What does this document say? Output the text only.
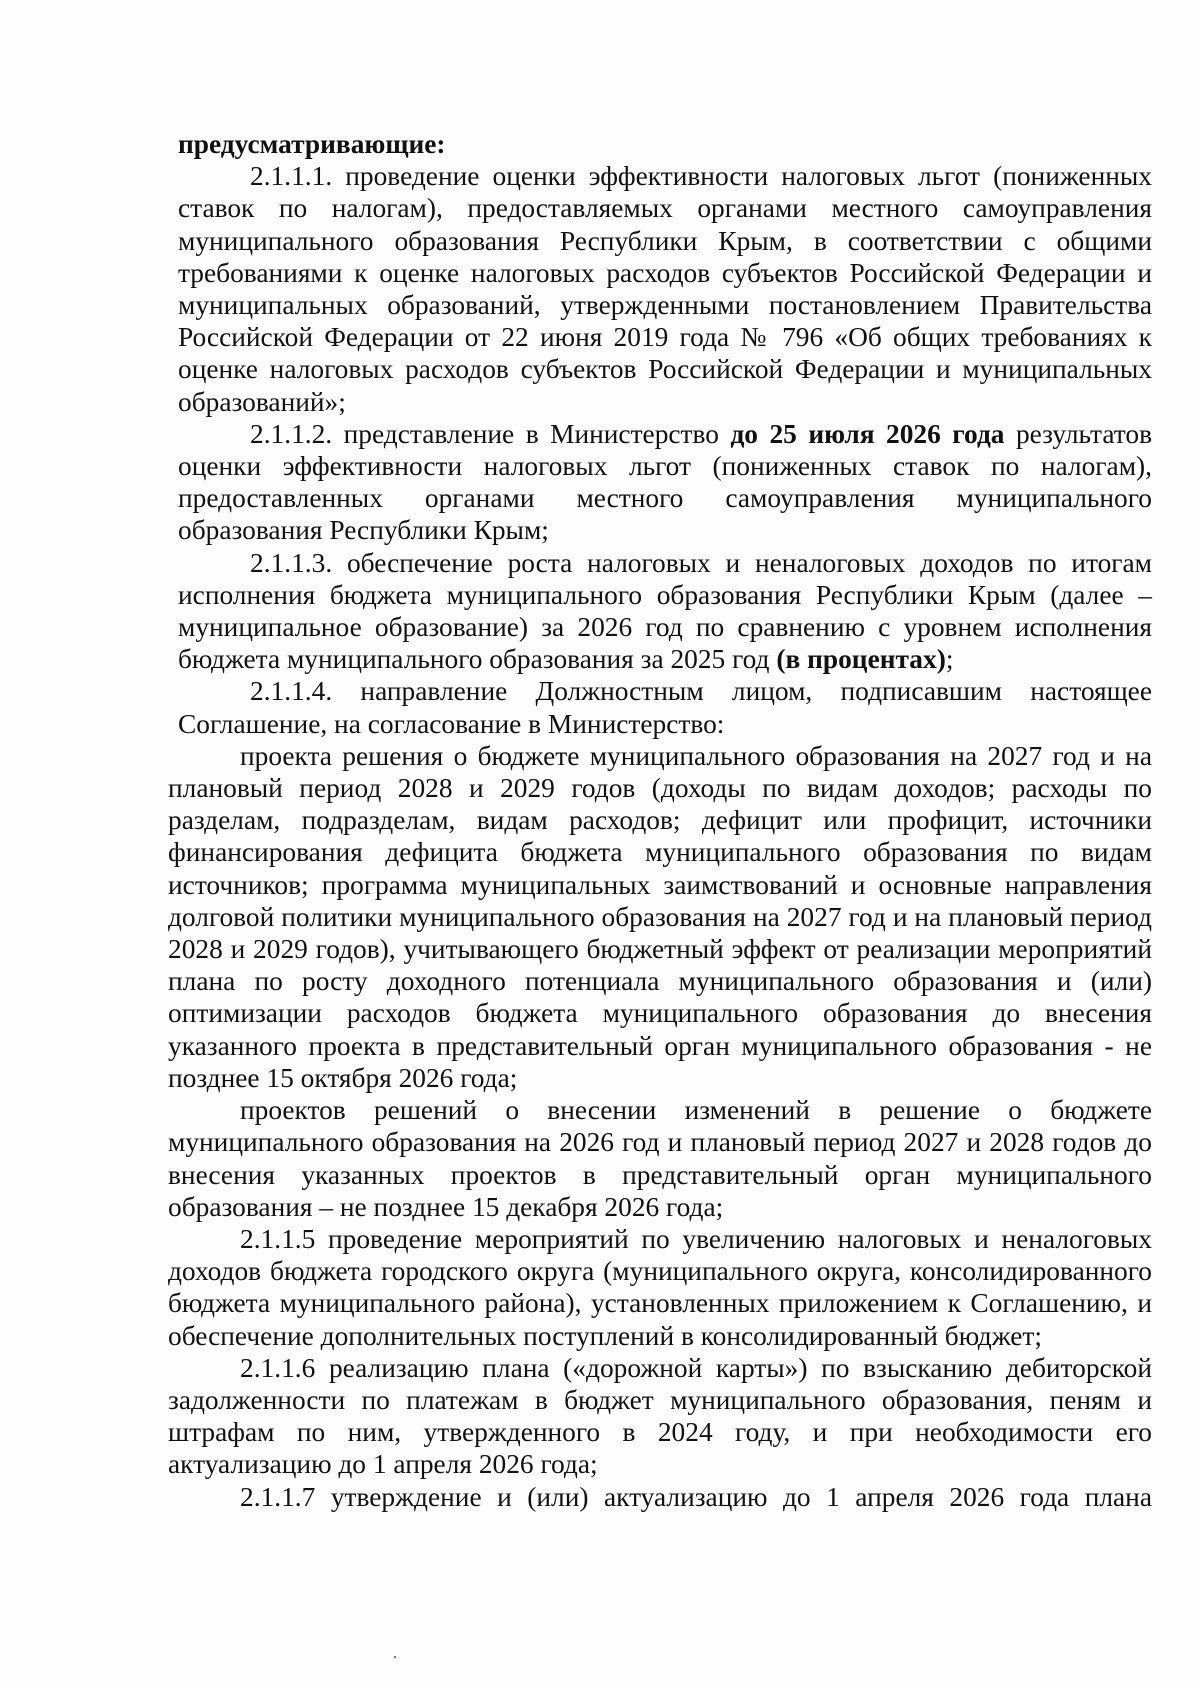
предусматривающие:

2.1.1.1. проведение оценки эффективности налоговых льгот (пониженных ставок по налогам), предоставляемых органами местного самоуправления муниципального образования Республики Крым, в соответствии с общими требованиями к оценке налоговых расходов субъектов Российской Федерации и муниципальных образований, утвержденными постановлением Правительства Российской Федерации от 22 июня 2019 года № 796 «Об общих требованиях к оценке налоговых расходов субъектов Российской Федерации и муниципальных образований»;

2.1.1.2. представление в Министерство до 25 июля 2026 года результатов оценки эффективности налоговых льгот (пониженных ставок по налогам), предоставленных органами местного самоуправления муниципального образования Республики Крым;

2.1.1.3. обеспечение роста налоговых и неналоговых доходов по итогам исполнения бюджета муниципального образования Республики Крым (далее – муниципальное образование) за 2026 год по сравнению с уровнем исполнения бюджета муниципального образования за 2025 год (в процентах);

2.1.1.4. направление Должностным лицом, подписавшим настоящее Соглашение, на согласование в Министерство:

проекта решения о бюджете муниципального образования на 2027 год и на плановый период 2028 и 2029 годов (доходы по видам доходов; расходы по разделам, подразделам, видам расходов; дефицит или профицит, источники финансирования дефицита бюджета муниципального образования по видам источников; программа муниципальных заимствований и основные направления долговой политики муниципального образования на 2027 год и на плановый период 2028 и 2029 годов), учитывающего бюджетный эффект от реализации мероприятий плана по росту доходного потенциала муниципального образования и (или) оптимизации расходов бюджета муниципального образования до внесения указанного проекта в представительный орган муниципального образования - не позднее 15 октября 2026 года;

проектов решений о внесении изменений в решение о бюджете муниципального образования на 2026 год и плановый период 2027 и 2028 годов до внесения указанных проектов в представительный орган муниципального образования – не позднее 15 декабря 2026 года;

2.1.1.5 проведение мероприятий по увеличению налоговых и неналоговых доходов бюджета городского округа (муниципального округа, консолидированного бюджета муниципального района), установленных приложением к Соглашению, и обеспечение дополнительных поступлений в консолидированный бюджет;

2.1.1.6 реализацию плана («дорожной карты») по взысканию дебиторской задолженности по платежам в бюджет муниципального образования, пеням и штрафам по ним, утвержденного в 2024 году, и при необходимости его актуализацию до 1 апреля 2026 года;

2.1.1.7 утверждение и (или) актуализацию до 1 апреля 2026 года плана
